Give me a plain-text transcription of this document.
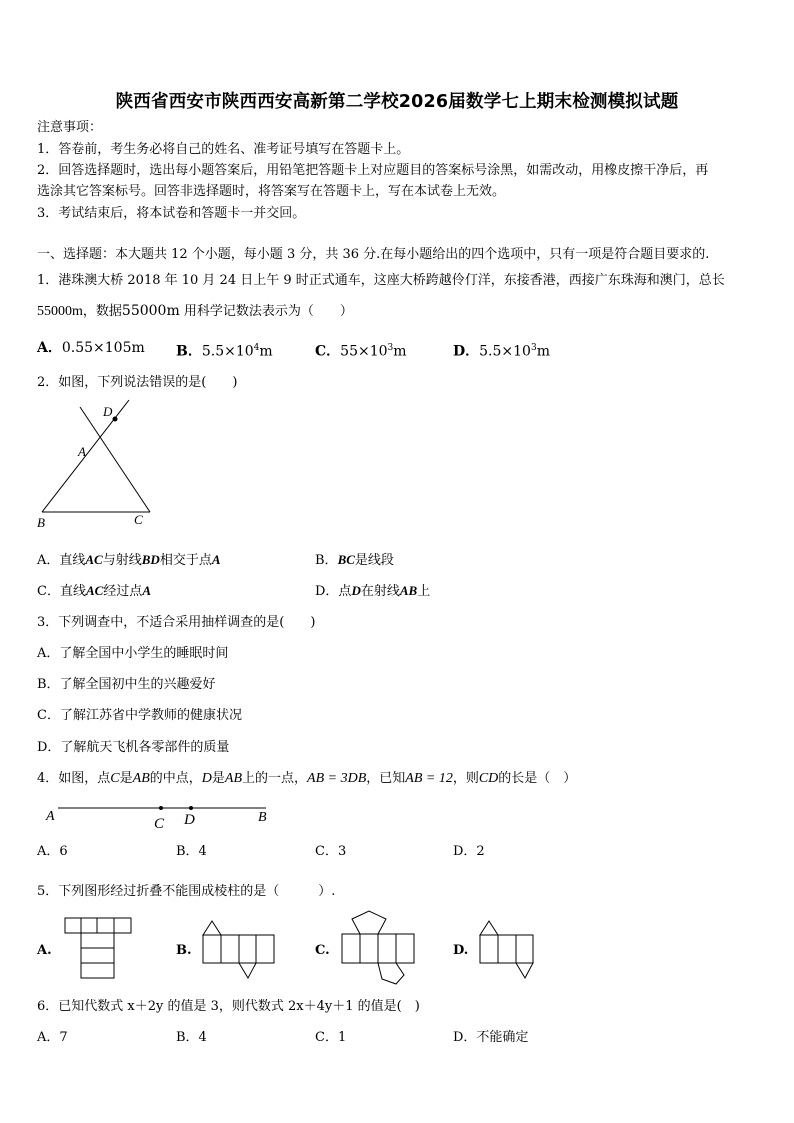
陕西省西安市陕西西安高新第二学校2026届数学七上期末检测模拟试题
注意事项：
1．答卷前，考生务必将自己的姓名、准考证号填写在答题卡上。
2．回答选择题时，选出每小题答案后，用铅笔把答题卡上对应题目的答案标号涂黑，如需改动，用橡皮擦干净后，再
选涂其它答案标号。回答非选择题时，将答案写在答题卡上，写在本试卷上无效。
3．考试结束后，将本试卷和答题卡一并交回。
一、选择题：本大题共 12 个小题，每小题 3 分，共 36 分.在每小题给出的四个选项中，只有一项是符合题目要求的.
1．港珠澳大桥 2018 年 10 月 24 日上午 9 时正式通车，这座大桥跨越伶仃洋，东接香港，西接广东珠海和澳门，总长
55000m，数据55000m 用科学记数法表示为（　　）
A．0.55×105m B．$5.5\times 10^4m$	C．$55\times 10^3m$	D．$5.5\times 10^3m$
2．如图，下列说法错误的是(　　)
D
A
B	C
A．直线AC与射线BD相交于点A	B．BC是线段
C．直线AC经过点A	D．点D在射线AB上
3．下列调查中，不适合采用抽样调查的是(　　)
A．了解全国中小学生的睡眠时间
B．了解全国初中生的兴趣爱好
C．了解江苏省中学教师的健康状况
D．了解航天飞机各零部件的质量
4．如图，点C是AB的中点，D是AB上的一点，AB = 3DB，已知AB = 12，则CD的长是（　）
A	C D	B
A．6	B．4	C．3	D．2
5．下列图形经过折叠不能围成棱柱的是（　　　）.
A.	B.	C.	D.
6．已知代数式 x＋2y 的值是 3，则代数式 2x＋4y＋1 的值是(　)
A．7	B．4	C．1	D．不能确定
